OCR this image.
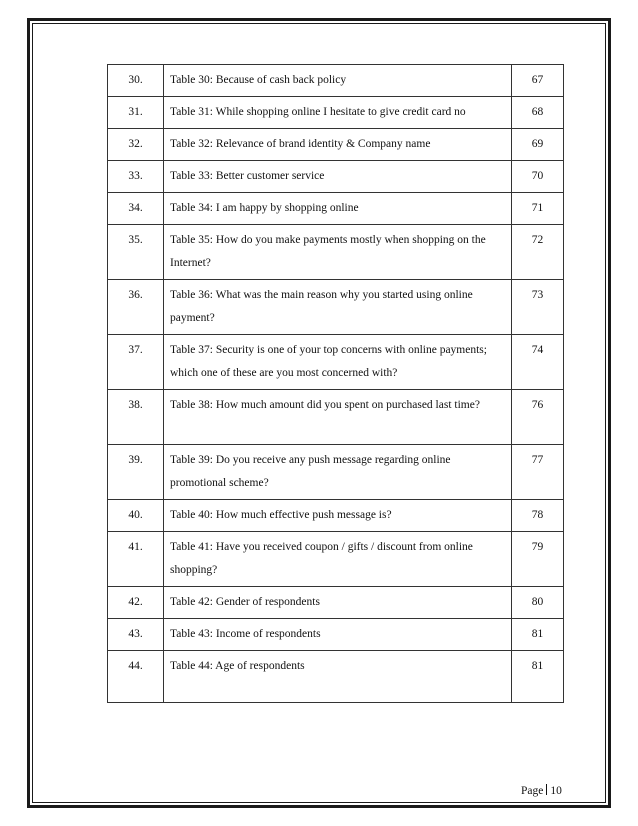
30.	Table 30: Because of cash back policy	67
31.	Table 31: While shopping online I hesitate to give credit card no	68
32.	Table 32: Relevance of brand identity & Company name	69
33.	Table 33: Better customer service	70
34.	Table 34: I am happy by shopping online	71
35.	Table 35: How do you make payments mostly when shopping on the Internet?	72
36.	Table 36: What was the main reason why you started using online payment?	73
37.	Table 37: Security is one of your top concerns with online payments; which one of these are you most concerned with?	74
38.	Table 38: How much amount did you spent on purchased last time?	76
39.	Table 39: Do you receive any push message regarding online promotional scheme?	77
40.	Table 40: How much effective push message is?	78
41.	Table 41: Have you received coupon / gifts / discount from online shopping?	79
42.	Table 42: Gender of respondents	80
43.	Table 43: Income of respondents	81
44.	Table 44: Age of respondents	81
Page 10
